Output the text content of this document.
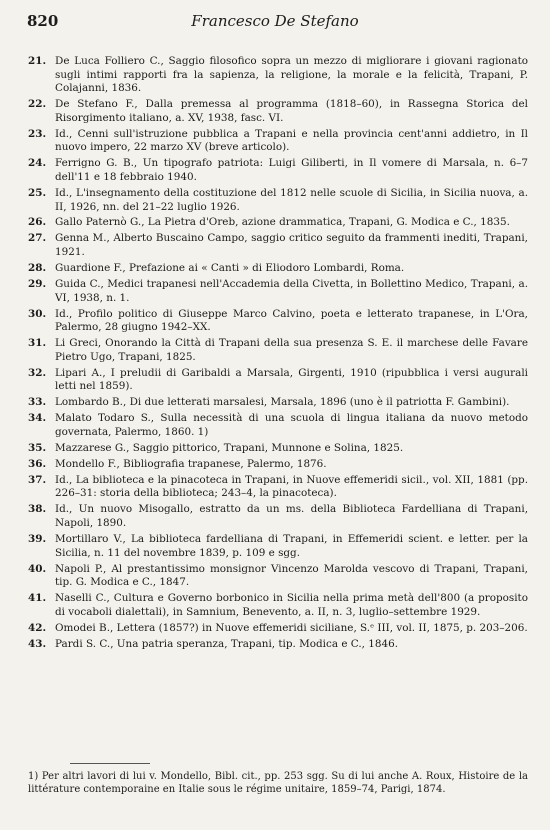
820	Francesco De Stefano
21. De Luca Folliero C., Saggio filosofico sopra un mezzo di migliorare i giovani ragionato sugli intimi rapporti fra la sapienza, la religione, la morale e la felicità, Trapani, P. Colajanni, 1836.
22. De Stefano F., Dalla premessa al programma (1818–60), in Rassegna Storica del Risorgimento italiano, a. XV, 1938, fasc. VI.
23. Id., Cenni sull'istruzione pubblica a Trapani e nella provincia cent'anni addietro, in Il nuovo impero, 22 marzo XV (breve articolo).
24. Ferrigno G. B., Un tipografo patriota: Luigi Giliberti, in Il vomere di Marsala, n. 6–7 dell'11 e 18 febbraio 1940.
25. Id., L'insegnamento della costituzione del 1812 nelle scuole di Sicilia, in Sicilia nuova, a. II, 1926, nn. del 21–22 luglio 1926.
26. Gallo Paternò G., La Pietra d'Oreb, azione drammatica, Trapani, G. Modica e C., 1835.
27. Genna M., Alberto Buscaino Campo, saggio critico seguito da frammenti inediti, Trapani, 1921.
28. Guardione F., Prefazione ai « Canti » di Eliodoro Lombardi, Roma.
29. Guida C., Medici trapanesi nell'Accademia della Civetta, in Bollettino Medico, Trapani, a. VI, 1938, n. 1.
30. Id., Profilo politico di Giuseppe Marco Calvino, poeta e letterato trapanese, in L'Ora, Palermo, 28 giugno 1942–XX.
31. Li Greci, Onorando la Città di Trapani della sua presenza S. E. il marchese delle Favare Pietro Ugo, Trapani, 1825.
32. Lipari A., I preludii di Garibaldi a Marsala, Girgenti, 1910 (ripubblica i versi augurali letti nel 1859).
33. Lombardo B., Di due letterati marsalesi, Marsala, 1896 (uno è il patriotta F. Gambini).
34. Malato Todaro S., Sulla necessità di una scuola di lingua italiana da nuovo metodo governata, Palermo, 1860. 1)
35. Mazzarese G., Saggio pittorico, Trapani, Munnone e Solina, 1825.
36. Mondello F., Bibliografia trapanese, Palermo, 1876.
37. Id., La biblioteca e la pinacoteca in Trapani, in Nuove effemeridi sicil., vol. XII, 1881 (pp. 226–31: storia della biblioteca; 243–4, la pinacoteca).
38. Id., Un nuovo Misogallo, estratto da un ms. della Biblioteca Fardelliana di Trapani, Napoli, 1890.
39. Mortillaro V., La biblioteca fardelliana di Trapani, in Effemeridi scient. e letter. per la Sicilia, n. 11 del novembre 1839, p. 109 e sgg.
40. Napoli P., Al prestantissimo monsignor Vincenzo Marolda vescovo di Trapani, Trapani, tip. G. Modica e C., 1847.
41. Naselli C., Cultura e Governo borbonico in Sicilia nella prima metà dell'800 (a proposito di vocaboli dialettali), in Samnium, Benevento, a. II, n. 3, luglio–settembre 1929.
42. Omodei B., Lettera (1857?) in Nuove effemeridi siciliane, S.ᵉ III, vol. II, 1875, p. 203–206.
43. Pardi S. C., Una patria speranza, Trapani, tip. Modica e C., 1846.
1) Per altri lavori di lui v. Mondello, Bibl. cit., pp. 253 sgg. Su di lui anche A. Roux, Histoire de la littérature contemporaine en Italie sous le régime unitaire, 1859–74, Parigi, 1874.
